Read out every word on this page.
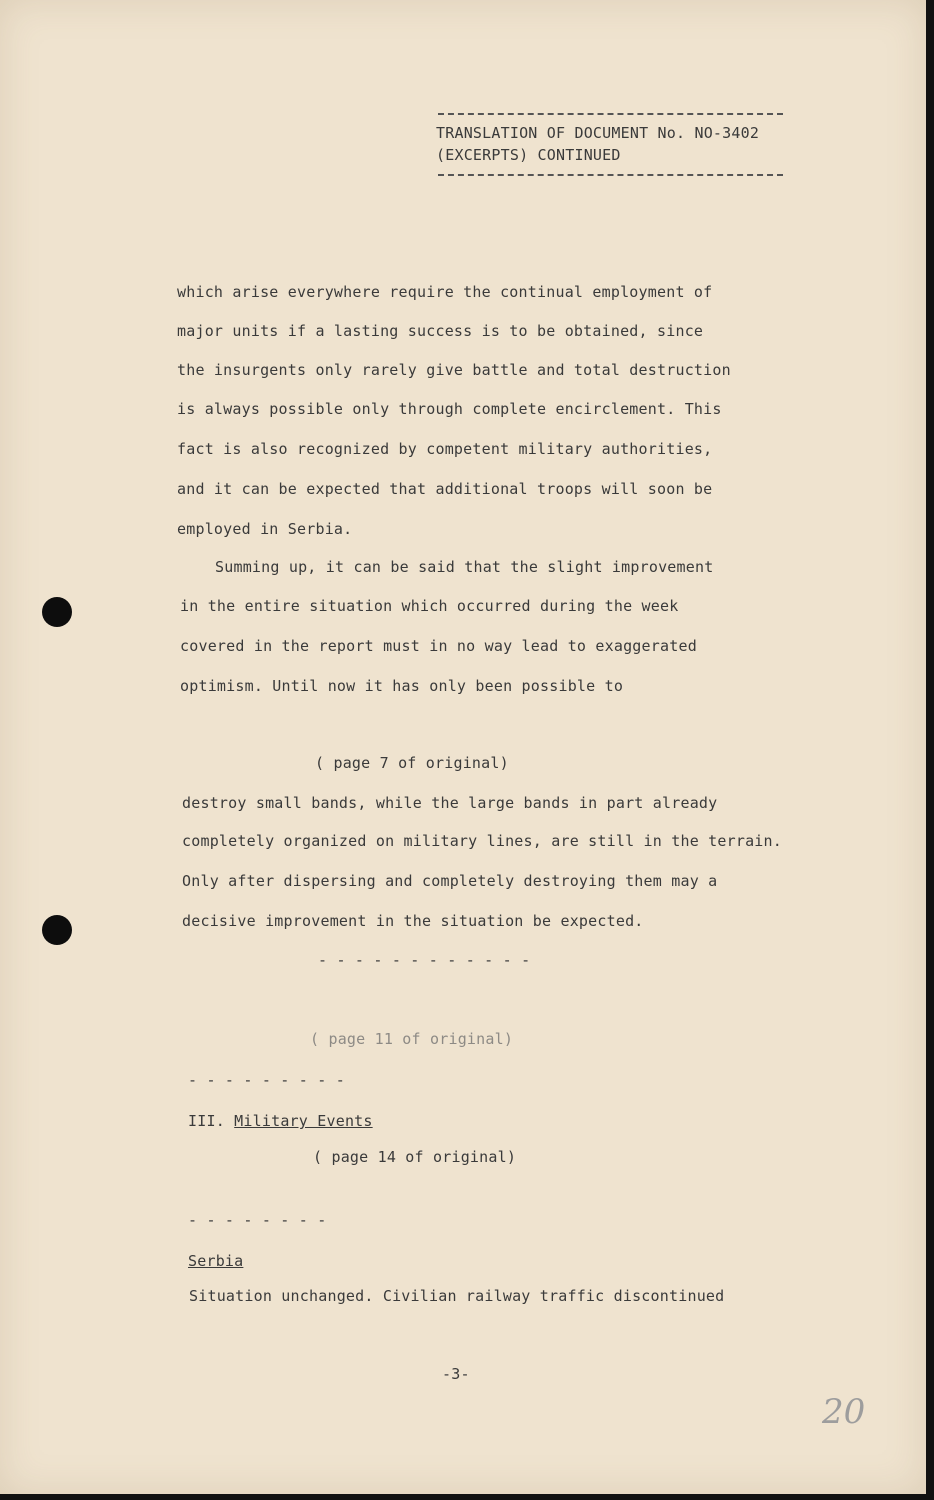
TRANSLATION OF DOCUMENT No. NO-3402
(EXCERPTS) CONTINUED
which arise everywhere require the continual employment of
major units if a lasting success is to be obtained, since
the insurgents only rarely give battle and total destruction
is always possible only through complete encirclement. This
fact is also recognized by competent military authorities,
and it can be expected that additional troops will soon be
employed in Serbia.
Summing up, it can be said that the slight improvement
in the entire situation which occurred during the week
covered in the report must in no way lead to exaggerated
optimism. Until now it has only been possible to
( page 7 of original)
destroy small bands, while the large bands in part already
completely organized on military lines, are still in the terrain.
Only after dispersing and completely destroying them may a
decisive improvement in the situation be expected.
- - - - - - - - - - - -
( page 11 of original)
- - - - - - - - -
III. Military Events
( page 14 of original)
- - - - - - - -
Serbia
Situation unchanged. Civilian railway traffic discontinued
-3-
20
